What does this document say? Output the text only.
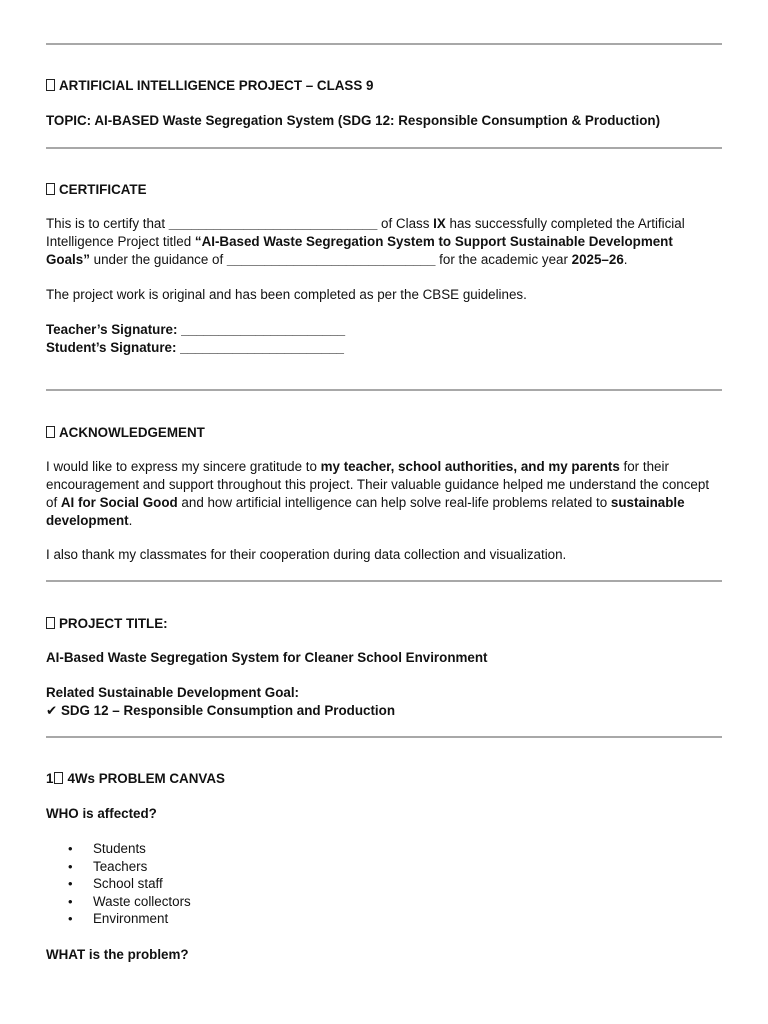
ARTIFICIAL INTELLIGENCE PROJECT – CLASS 9

TOPIC: AI-BASED Waste Segregation System (SDG 12: Responsible Consumption & Production)

CERTIFICATE

This is to certify that ____________________________ of Class IX has successfully completed the Artificial Intelligence Project titled “AI-Based Waste Segregation System to Support Sustainable Development Goals” under the guidance of ____________________________ for the academic year 2025–26.

The project work is original and has been completed as per the CBSE guidelines.

Teacher’s Signature: ______________________

Student’s Signature: ______________________

ACKNOWLEDGEMENT

I would like to express my sincere gratitude to my teacher, school authorities, and my parents for their encouragement and support throughout this project. Their valuable guidance helped me understand the concept of AI for Social Good and how artificial intelligence can help solve real-life problems related to sustainable development.

I also thank my classmates for their cooperation during data collection and visualization.

PROJECT TITLE:

AI-Based Waste Segregation System for Cleaner School Environment

Related Sustainable Development Goal:

✔ SDG 12 – Responsible Consumption and Production

1 4Ws PROBLEM CANVAS

WHO is affected?

• Students
• Teachers
• School staff
• Waste collectors
• Environment

WHAT is the problem?
